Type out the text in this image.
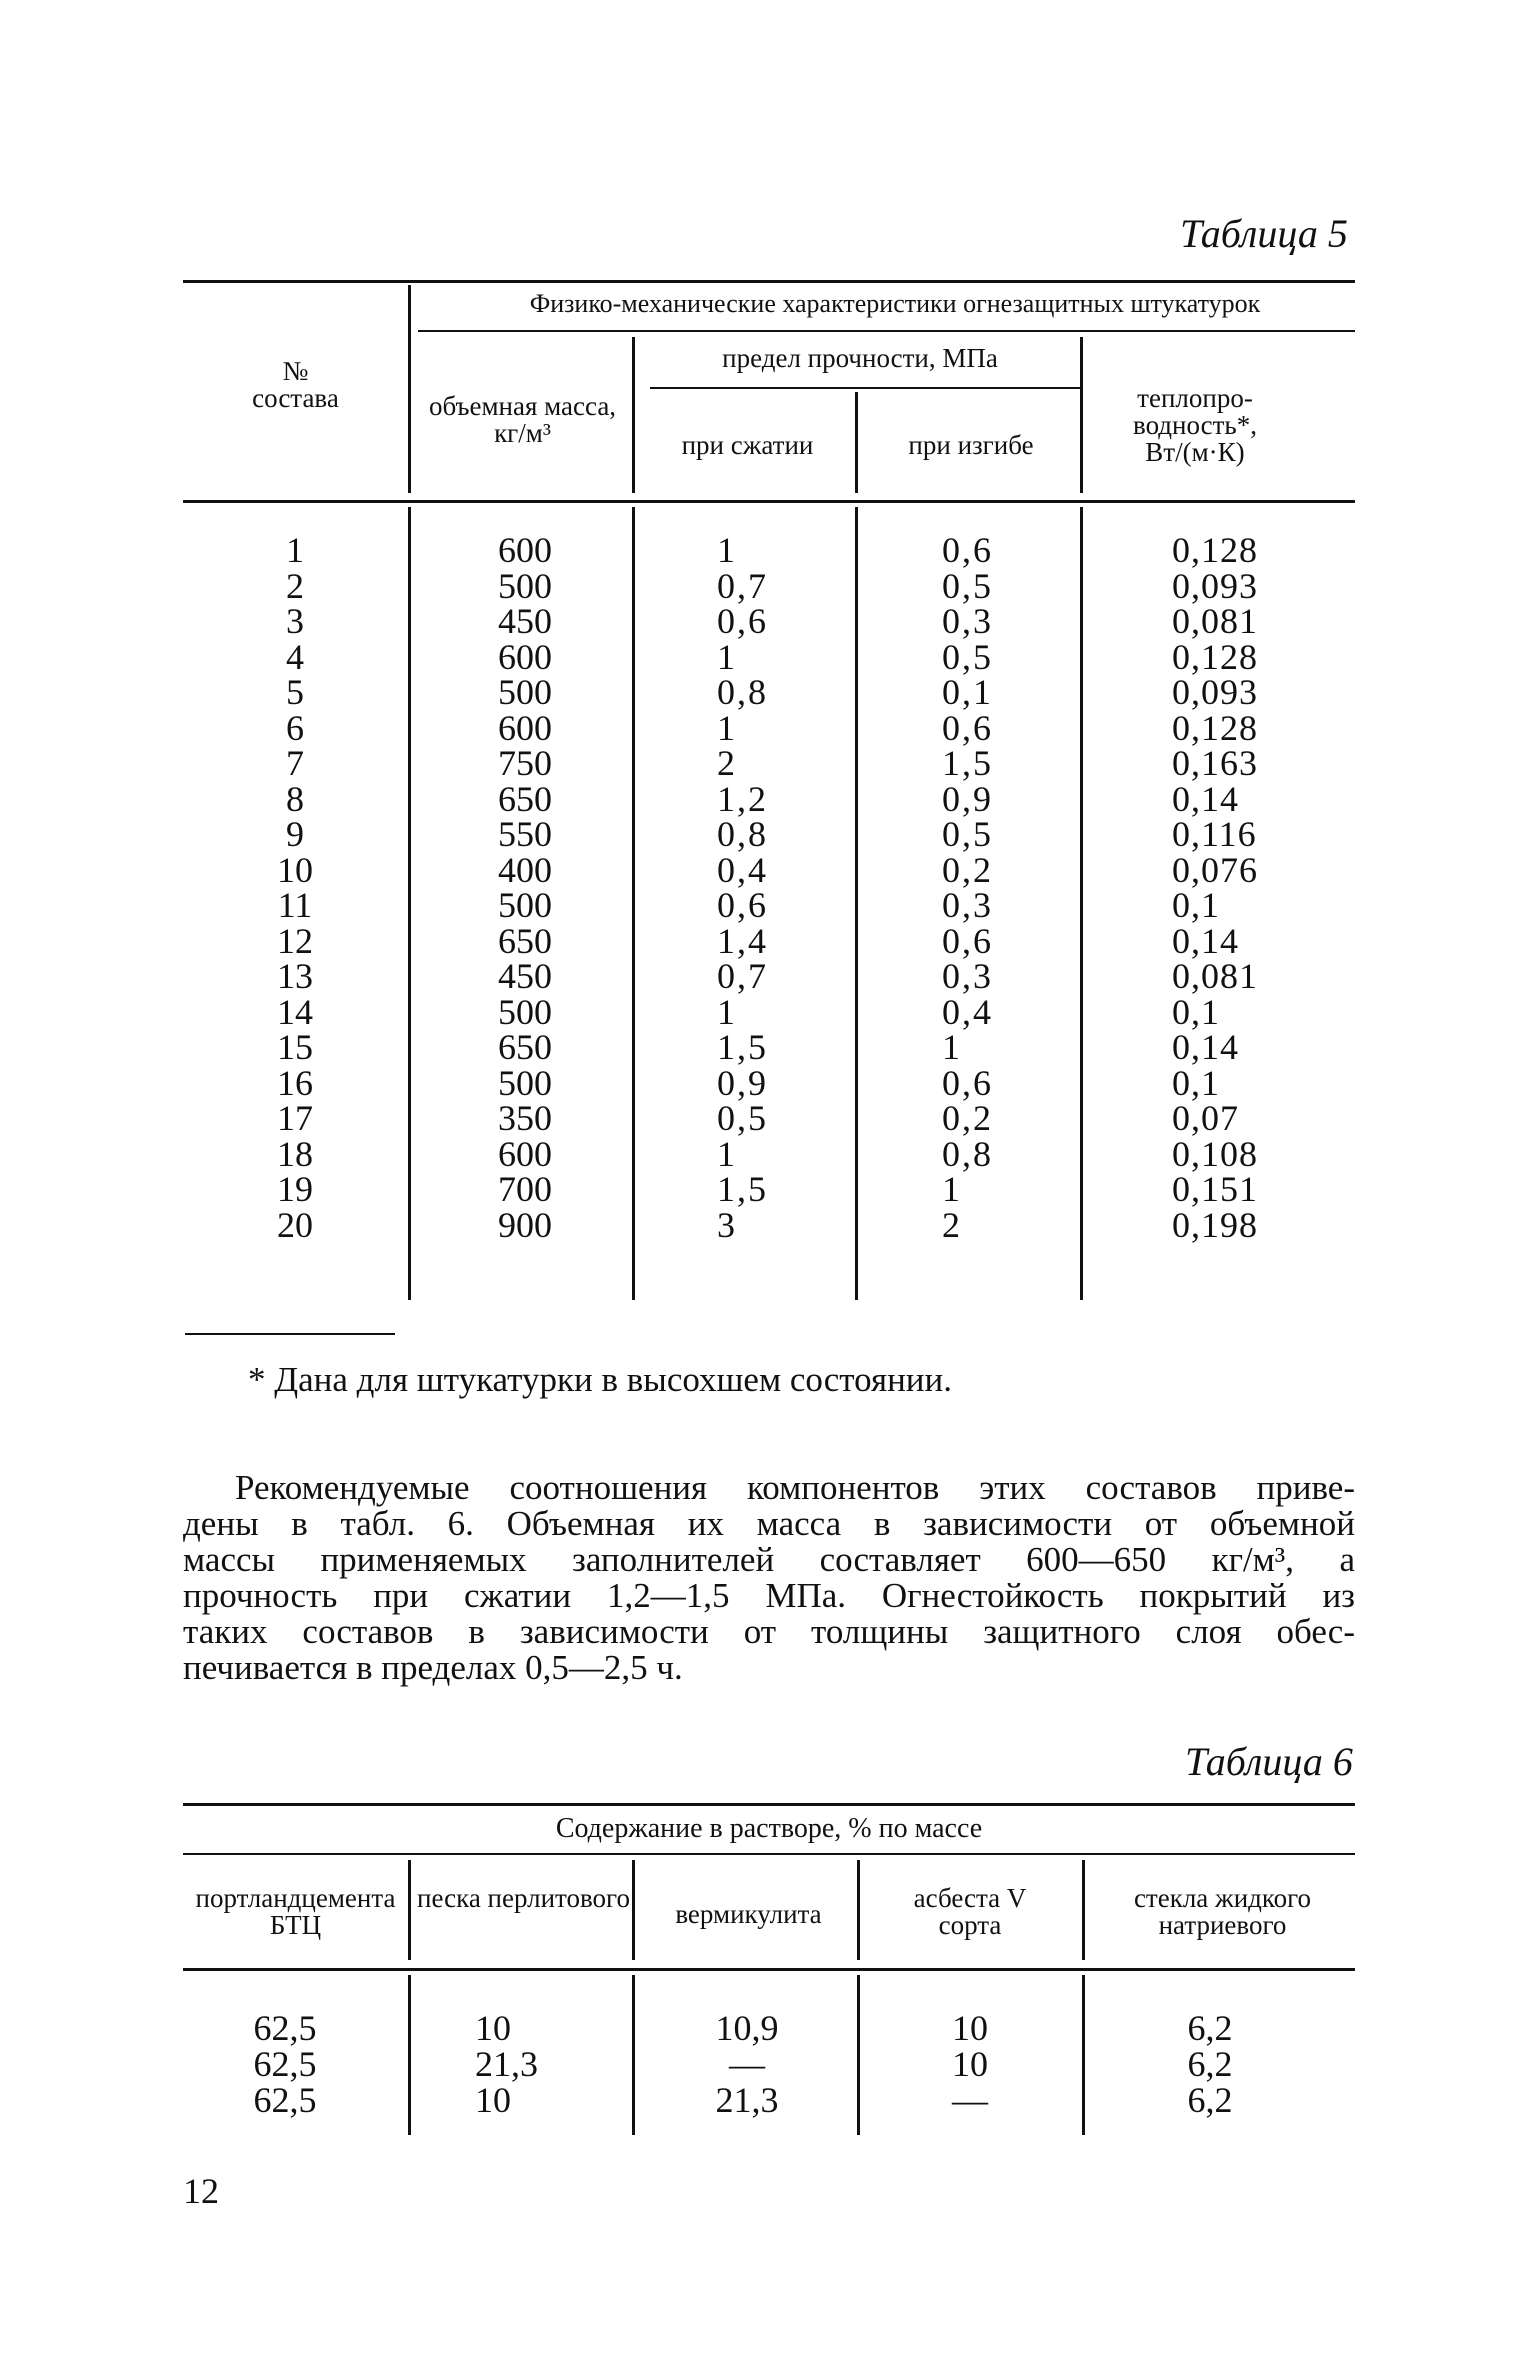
Таблица 5
Физико-механические характеристики огнезащитных штукатурок
№ состава	объемная масса, кг/м³
предел прочности, МПа
при сжатии	при изгибе
теплопроводность*, Вт/(м·К)
1
2
3
4
5
6
7
8
9
10
11
12
13
14
15
16
17
18
19
20
600
500
450
600
500
600
750
650
550
400
500
650
450
500
650
500
350
600
700
900
1
0,7
0,6
1
0,8
1
2
1,2
0,8
0,4
0,6
1,4
0,7
1
1,5
0,9
0,5
1
1,5
3
0,6
0,5
0,3
0,5
0,1
0,6
1,5
0,9
0,5
0,2
0,3
0,6
0,3
0,4
1
0,6
0,2
0,8
1
2
0,128
0,093
0,081
0,128
0,093
0,128
0,163
0,14
0,116
0,076
0,1
0,14
0,081
0,1
0,14
0,1
0,07
0,108
0,151
0,198
* Дана для штукатурки в высохшем состоянии.
Рекомендуемые соотношения компонентов этих составов приве-
дены в табл. 6. Объемная их масса в зависимости от объемной
массы применяемых заполнителей составляет 600—650 кг/м³, а
прочность при сжатии 1,2—1,5 МПа. Огнестойкость покрытий из
таких составов в зависимости от толщины защитного слоя обес-
печивается в пределах 0,5—2,5 ч.
Таблица 6
Содержание в растворе, % по массе
портландцемента БТЦ
песка перлитового
вермикулита
асбеста V сорта
стекла жидкого натриевого
62,5
62,5
62,5
10
21,3
10
10,9
—
21,3
10
10
—
6,2
6,2
6,2
12
